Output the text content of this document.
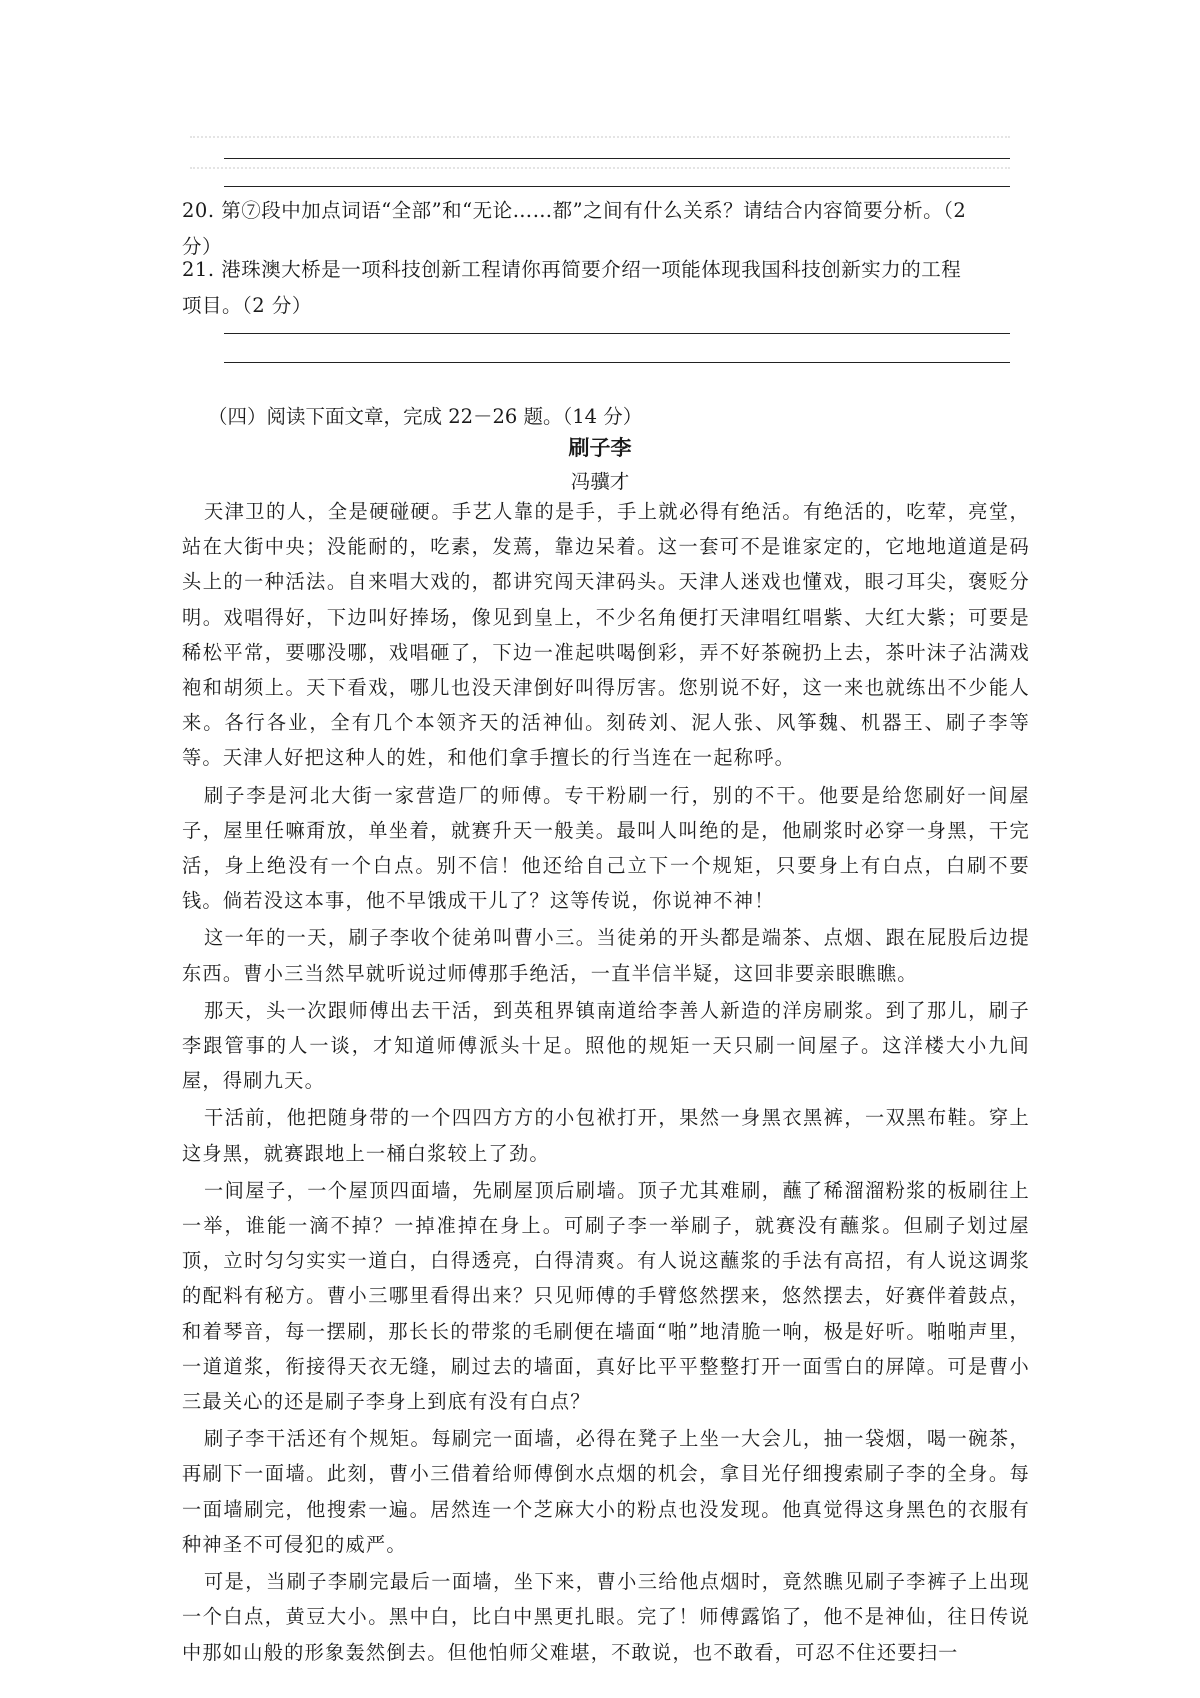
20. 第⑦段中加点词语“全部”和“无论……都”之间有什么关系？请结合内容简要分析。（2
分）

21. 港珠澳大桥是一项科技创新工程请你再简要介绍一项能体现我国科技创新实力的工程
项目。（2 分）

（四）阅读下面文章，完成 22－26 题。（14 分）

刷子李

冯骥才

天津卫的人，全是硬碰硬。手艺人靠的是手，手上就必得有绝活。有绝活的，吃荤，亮堂，站在大街中央；没能耐的，吃素，发蔫，靠边呆着。这一套可不是谁家定的，它地地道道是码头上的一种活法。自来唱大戏的，都讲究闯天津码头。天津人迷戏也懂戏，眼刁耳尖，褒贬分明。戏唱得好，下边叫好捧场，像见到皇上，不少名角便打天津唱红唱紫、大红大紫；可要是稀松平常，要哪没哪，戏唱砸了，下边一准起哄喝倒彩，弄不好茶碗扔上去，茶叶沫子沾满戏袍和胡须上。天下看戏，哪儿也没天津倒好叫得厉害。您别说不好，这一来也就练出不少能人来。各行各业，全有几个本领齐天的活神仙。刻砖刘、泥人张、风筝魏、机器王、刷子李等等。天津人好把这种人的姓，和他们拿手擅长的行当连在一起称呼。

刷子李是河北大街一家营造厂的师傅。专干粉刷一行，别的不干。他要是给您刷好一间屋子，屋里任嘛甭放，单坐着，就赛升天一般美。最叫人叫绝的是，他刷浆时必穿一身黑，干完活，身上绝没有一个白点。别不信！他还给自己立下一个规矩，只要身上有白点，白刷不要钱。倘若没这本事，他不早饿成干儿了？这等传说，你说神不神！

这一年的一天，刷子李收个徒弟叫曹小三。当徒弟的开头都是端茶、点烟、跟在屁股后边提东西。曹小三当然早就听说过师傅那手绝活，一直半信半疑，这回非要亲眼瞧瞧。

那天，头一次跟师傅出去干活，到英租界镇南道给李善人新造的洋房刷浆。到了那儿，刷子李跟管事的人一谈，才知道师傅派头十足。照他的规矩一天只刷一间屋子。这洋楼大小九间屋，得刷九天。

干活前，他把随身带的一个四四方方的小包袱打开，果然一身黑衣黑裤，一双黑布鞋。穿上这身黑，就赛跟地上一桶白浆较上了劲。

一间屋子，一个屋顶四面墙，先刷屋顶后刷墙。顶子尤其难刷，蘸了稀溜溜粉浆的板刷往上一举，谁能一滴不掉？一掉准掉在身上。可刷子李一举刷子，就赛没有蘸浆。但刷子划过屋顶，立时匀匀实实一道白，白得透亮，白得清爽。有人说这蘸浆的手法有高招，有人说这调浆的配料有秘方。曹小三哪里看得出来？只见师傅的手臂悠然摆来，悠然摆去，好赛伴着鼓点，和着琴音，每一摆刷，那长长的带浆的毛刷便在墙面“啪”地清脆一响，极是好听。啪啪声里，一道道浆，衔接得天衣无缝，刷过去的墙面，真好比平平整整打开一面雪白的屏障。可是曹小三最关心的还是刷子李身上到底有没有白点？

刷子李干活还有个规矩。每刷完一面墙，必得在凳子上坐一大会儿，抽一袋烟，喝一碗茶，再刷下一面墙。此刻，曹小三借着给师傅倒水点烟的机会，拿目光仔细搜索刷子李的全身。每一面墙刷完，他搜索一遍。居然连一个芝麻大小的粉点也没发现。他真觉得这身黑色的衣服有种神圣不可侵犯的威严。

可是，当刷子李刷完最后一面墙，坐下来，曹小三给他点烟时，竟然瞧见刷子李裤子上出现一个白点，黄豆大小。黑中白，比白中黑更扎眼。完了！师傅露馅了，他不是神仙，往日传说中那如山般的形象轰然倒去。但他怕师父难堪，不敢说，也不敢看，可忍不住还要扫一
